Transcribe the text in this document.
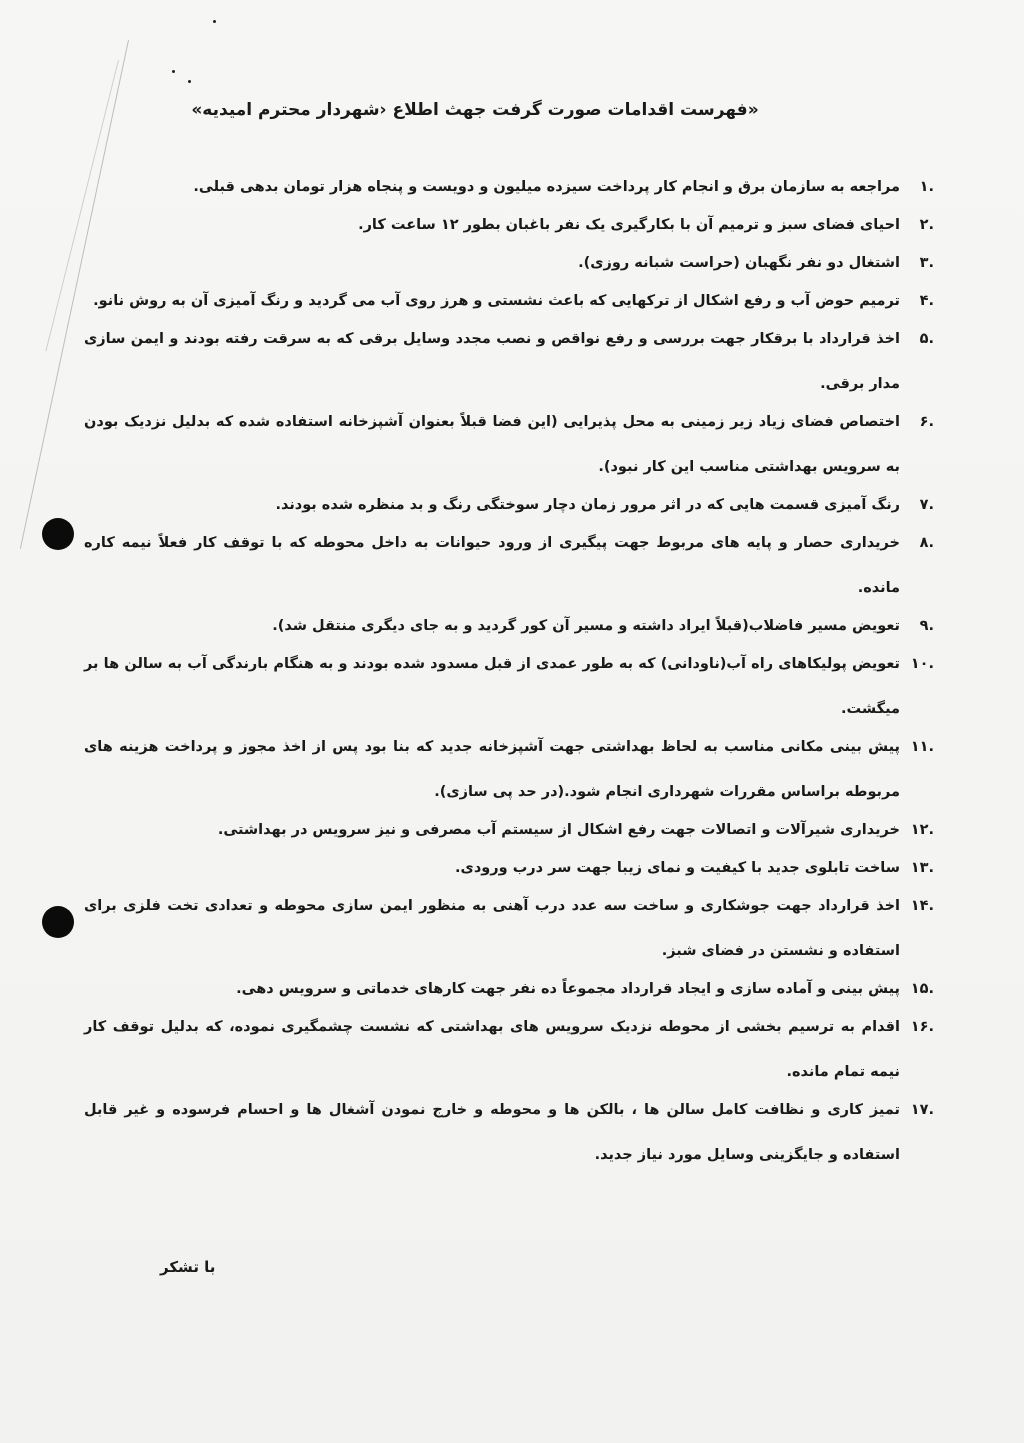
«فهرست اقدامات صورت گرفت جهث اطلاع ‹شهردار محترم امیدیه»
.۱
مراجعه به سازمان برق و انجام کار پرداخت سیزده میلیون و دویست و پنجاه هزار تومان بدهی قبلی.
.۲
احیای فضای سبز و ترمیم آن با بکارگیری یک نفر باغبان بطور ۱۲ ساعت کار.
.۳
اشتغال دو نفر نگهبان (حراست شبانه روزی).
.۴
ترمیم حوض آب و رفع اشکال از ترکهایی که باعث نشستی و هرز روی آب می گردید و رنگ آمیزی آن به روش نانو.
.۵
اخذ قرارداد با برقکار جهت بررسی و رفع نواقص و نصب مجدد وسایل برقی که به سرقت رفته بودند و ایمن سازی مدار برقی.
.۶
اختصاص فضای زیاد زیر زمینی به محل پذیرایی (این فضا قبلاً بعنوان آشپزخانه استفاده شده که بدلیل نزدیک بودن به سرویس بهداشتی مناسب این کار نبود).
.۷
رنگ آمیزی قسمت هایی که در اثر مرور زمان دچار سوختگی رنگ و بد منظره شده بودند.
.۸
خریداری حصار و پایه های مربوط جهت پیگیری از ورود حیوانات به داخل محوطه که با توقف کار فعلاً نیمه کاره مانده.
.۹
تعویض مسیر فاضلاب(قبلاً ایراد داشته و مسیر آن کور گردید و به جای دیگری منتقل شد).
.۱۰
تعویض پولیکاهای راه آب(ناودانی) که به طور عمدی از قبل مسدود شده بودند و به هنگام بارندگی آب به سالن ها بر میگشت.
.۱۱
پیش بینی مکانی مناسب به لحاظ بهداشتی جهت آشپزخانه جدید که بنا بود پس از اخذ مجوز و پرداخت هزینه های مربوطه براساس مقررات شهرداری انجام شود.(در حد پی سازی).
.۱۲
خریداری شیرآلات و اتصالات جهت رفع اشکال از سیستم آب مصرفی و نیز سرویس در بهداشتی.
.۱۳
ساخت تابلوی جدید با کیفیت و نمای زیبا جهت سر درب ورودی.
.۱۴
اخذ قرارداد جهت جوشکاری و ساخت سه عدد درب آهنی به منظور ایمن سازی محوطه و تعدادی تخت فلزی برای استفاده و نشستن در فضای شبز.
.۱۵
پیش بینی و آماده سازی و ایجاد قرارداد مجموعاً ده نفر جهت کارهای خدماتی و سرویس دهی.
.۱۶
اقدام به ترسیم بخشی از محوطه نزدیک سرویس های بهداشتی که نشست چشمگیری نموده، که بدلیل توقف کار نیمه تمام مانده.
.۱۷
تمیز کاری و نظافت کامل سالن ها ، بالکن ها و محوطه و خارج نمودن آشغال ها و احسام فرسوده و غیر قابل استفاده و جایگزینی وسایل مورد نیاز جدید.
با تشکر
